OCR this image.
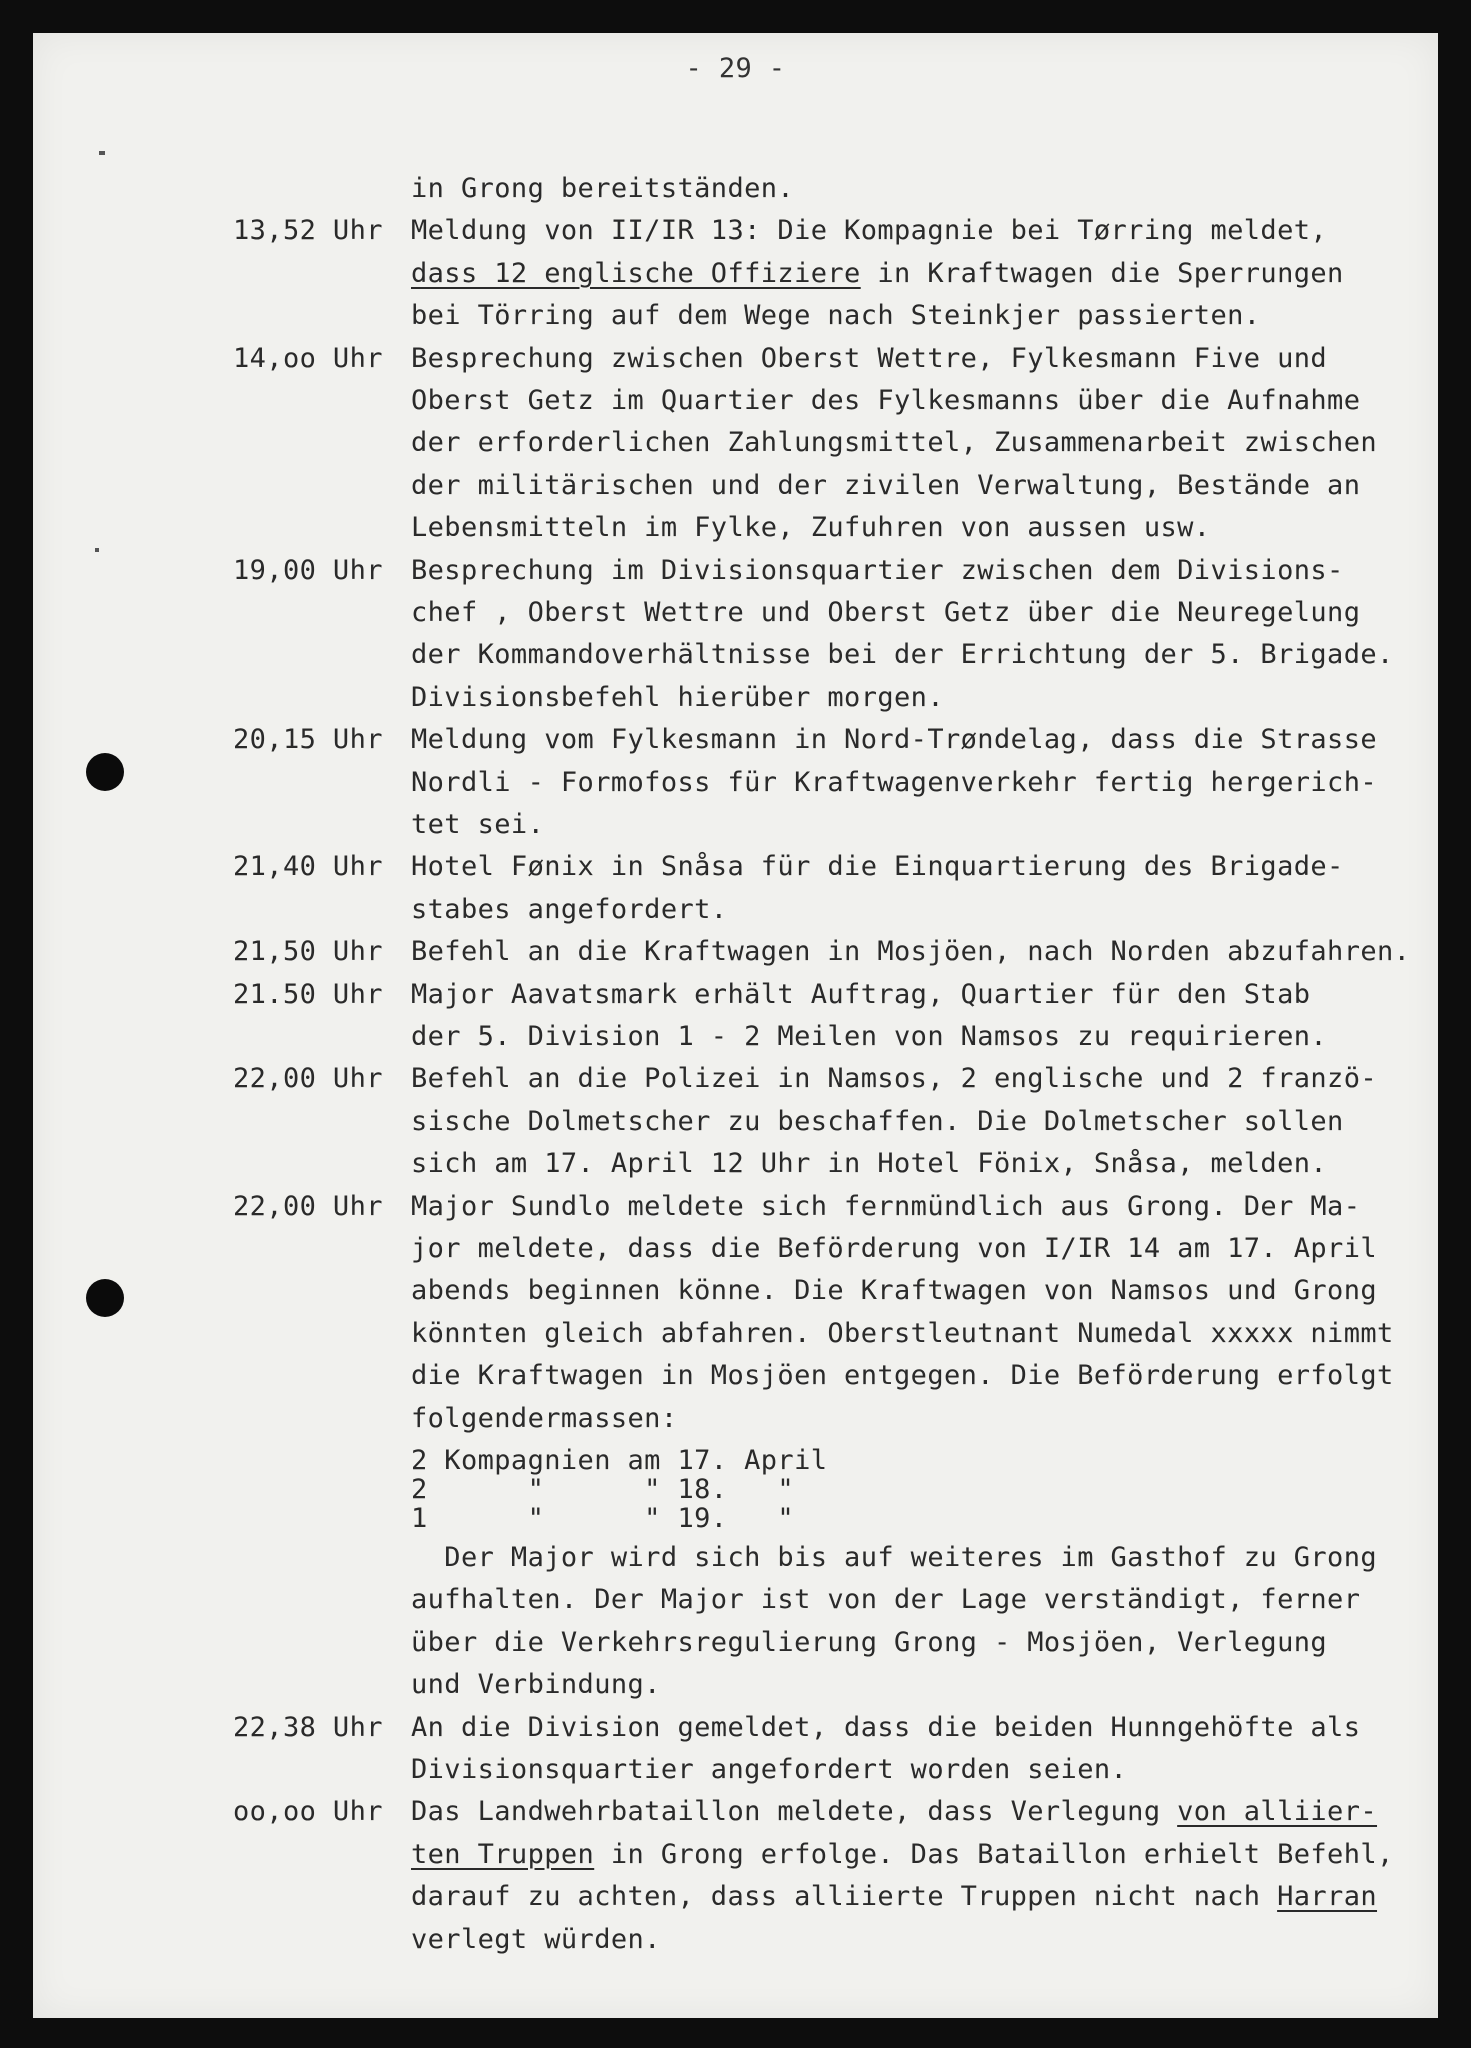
- 29 -
in Grong bereitständen.
13,52 Uhr Meldung von II/IR 13: Die Kompagnie bei Tørring meldet,
dass 12 englische Offiziere in Kraftwagen die Sperrungen
bei Törring auf dem Wege nach Steinkjer passierten.
14,oo Uhr Besprechung zwischen Oberst Wettre, Fylkesmann Five und
Oberst Getz im Quartier des Fylkesmanns über die Aufnahme
der erforderlichen Zahlungsmittel, Zusammenarbeit zwischen
der militärischen und der zivilen Verwaltung, Bestände an
Lebensmitteln im Fylke, Zufuhren von aussen usw.
19,00 Uhr Besprechung im Divisionsquartier zwischen dem Divisions-
chef , Oberst Wettre und Oberst Getz über die Neuregelung
der Kommandoverhältnisse bei der Errichtung der 5. Brigade.
Divisionsbefehl hierüber morgen.
20,15 Uhr Meldung vom Fylkesmann in Nord-Trøndelag, dass die Strasse
Nordli - Formofoss für Kraftwagenverkehr fertig hergerich-
tet sei.
21,40 Uhr Hotel Fønix in Snåsa für die Einquartierung des Brigade-
stabes angefordert.
21,50 Uhr Befehl an die Kraftwagen in Mosjöen, nach Norden abzufahren.
21.50 Uhr Major Aavatsmark erhält Auftrag, Quartier für den Stab
der 5. Division 1 - 2 Meilen von Namsos zu requirieren.
22,00 Uhr Befehl an die Polizei in Namsos, 2 englische und 2 franzö-
sische Dolmetscher zu beschaffen. Die Dolmetscher sollen
sich am 17. April 12 Uhr in Hotel Fönix, Snåsa, melden.
22,00 Uhr Major Sundlo meldete sich fernmündlich aus Grong. Der Ma-
jor meldete, dass die Beförderung von I/IR 14 am 17. April
abends beginnen könne. Die Kraftwagen von Namsos und Grong
könnten gleich abfahren. Oberstleutnant Numedal xxxxx nimmt
die Kraftwagen in Mosjöen entgegen. Die Beförderung erfolgt
folgendermassen:
2 Kompagnien am 17. April
2      "      " 18.   "
1      "      " 19.   "
Der Major wird sich bis auf weiteres im Gasthof zu Grong
aufhalten. Der Major ist von der Lage verständigt, ferner
über die Verkehrsregulierung Grong - Mosjöen, Verlegung
und Verbindung.
22,38 Uhr An die Division gemeldet, dass die beiden Hunngehöfte als
Divisionsquartier angefordert worden seien.
oo,oo Uhr Das Landwehrbataillon meldete, dass Verlegung von alliier-
ten Truppen in Grong erfolge. Das Bataillon erhielt Befehl,
darauf zu achten, dass alliierte Truppen nicht nach Harran
verlegt würden.
